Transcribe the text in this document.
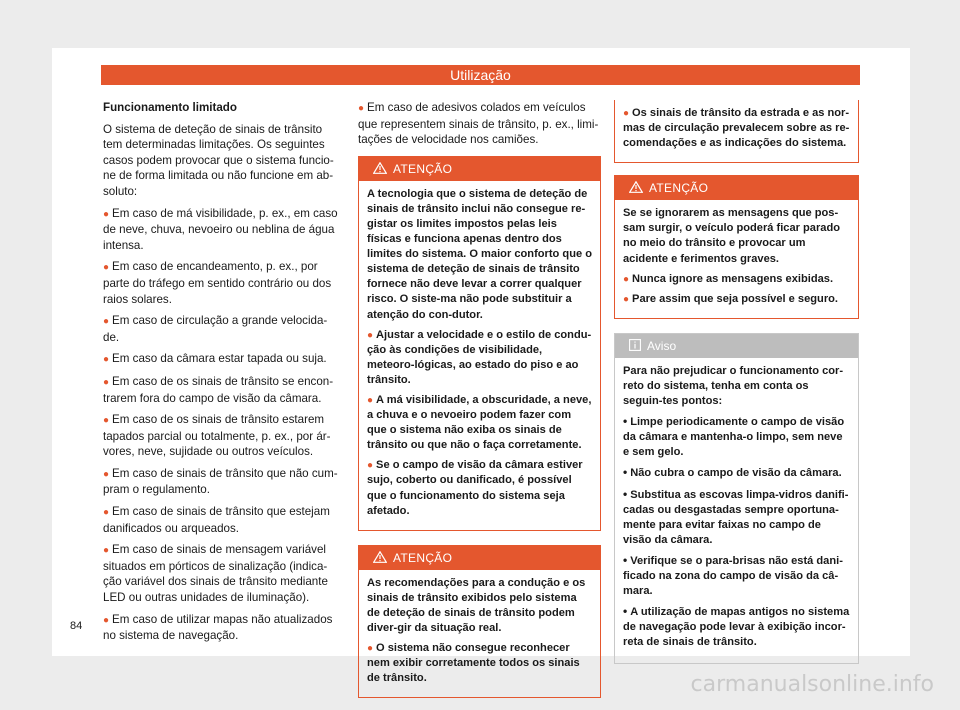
Utilização

Funcionamento limitado

O sistema de deteção de sinais de trânsito tem determinadas limitações. Os seguintes casos podem provocar que o sistema funcio-ne de forma limitada ou não funcione em ab-soluto:

● Em caso de má visibilidade, p. ex., em caso de neve, chuva, nevoeiro ou neblina de água intensa.

● Em caso de encandeamento, p. ex., por parte do tráfego em sentido contrário ou dos raios solares.

● Em caso de circulação a grande velocida-de.

● Em caso da câmara estar tapada ou suja.

● Em caso de os sinais de trânsito se encon-trarem fora do campo de visão da câmara.

● Em caso de os sinais de trânsito estarem tapados parcial ou totalmente, p. ex., por ár-vores, neve, sujidade ou outros veículos.

● Em caso de sinais de trânsito que não cum-pram o regulamento.

● Em caso de sinais de trânsito que estejam danificados ou arqueados.

● Em caso de sinais de mensagem variável situados em pórticos de sinalização (indica-ção variável dos sinais de trânsito mediante LED ou outras unidades de iluminação).

● Em caso de utilizar mapas não atualizados no sistema de navegação.

● Em caso de adesivos colados em veículos que representem sinais de trânsito, p. ex., limi-tações de velocidade nos camiões.

ATENÇÃO

A tecnologia que o sistema de deteção de sinais de trânsito inclui não consegue re-gistar os limites impostos pelas leis físicas e funciona apenas dentro dos limites do sistema. O maior conforto que o sistema de deteção de sinais de trânsito fornece não deve levar a correr qualquer risco. O siste-ma não pode substituir a atenção do con-dutor.

● Ajustar a velocidade e o estilo de condu-ção às condições de visibilidade, meteoro-lógicas, ao estado do piso e ao trânsito.

● A má visibilidade, a obscuridade, a neve, a chuva e o nevoeiro podem fazer com que o sistema não exiba os sinais de trânsito ou que não o faça corretamente.

● Se o campo de visão da câmara estiver sujo, coberto ou danificado, é possível que o funcionamento do sistema seja afetado.

ATENÇÃO

As recomendações para a condução e os sinais de trânsito exibidos pelo sistema de deteção de sinais de trânsito podem diver-gir da situação real.

● O sistema não consegue reconhecer nem exibir corretamente todos os sinais de trânsito.

● Os sinais de trânsito da estrada e as nor-mas de circulação prevalecem sobre as re-comendações e as indicações do sistema.

ATENÇÃO

Se se ignorarem as mensagens que pos-sam surgir, o veículo poderá ficar parado no meio do trânsito e provocar um acidente e ferimentos graves.

● Nunca ignore as mensagens exibidas.

● Pare assim que seja possível e seguro.

Aviso

Para não prejudicar o funcionamento cor-reto do sistema, tenha em conta os seguin-tes pontos:

• Limpe periodicamente o campo de visão da câmara e mantenha-o limpo, sem neve e sem gelo.

• Não cubra o campo de visão da câmara.

• Substitua as escovas limpa-vidros danifi-cadas ou desgastadas sempre oportuna-mente para evitar faixas no campo de visão da câmara.

• Verifique se o para-brisas não está dani-ficado na zona do campo de visão da câ-mara.

• A utilização de mapas antigos no sistema de navegação pode levar à exibição incor-reta de sinais de trânsito.

84
carmanualsonline.info
